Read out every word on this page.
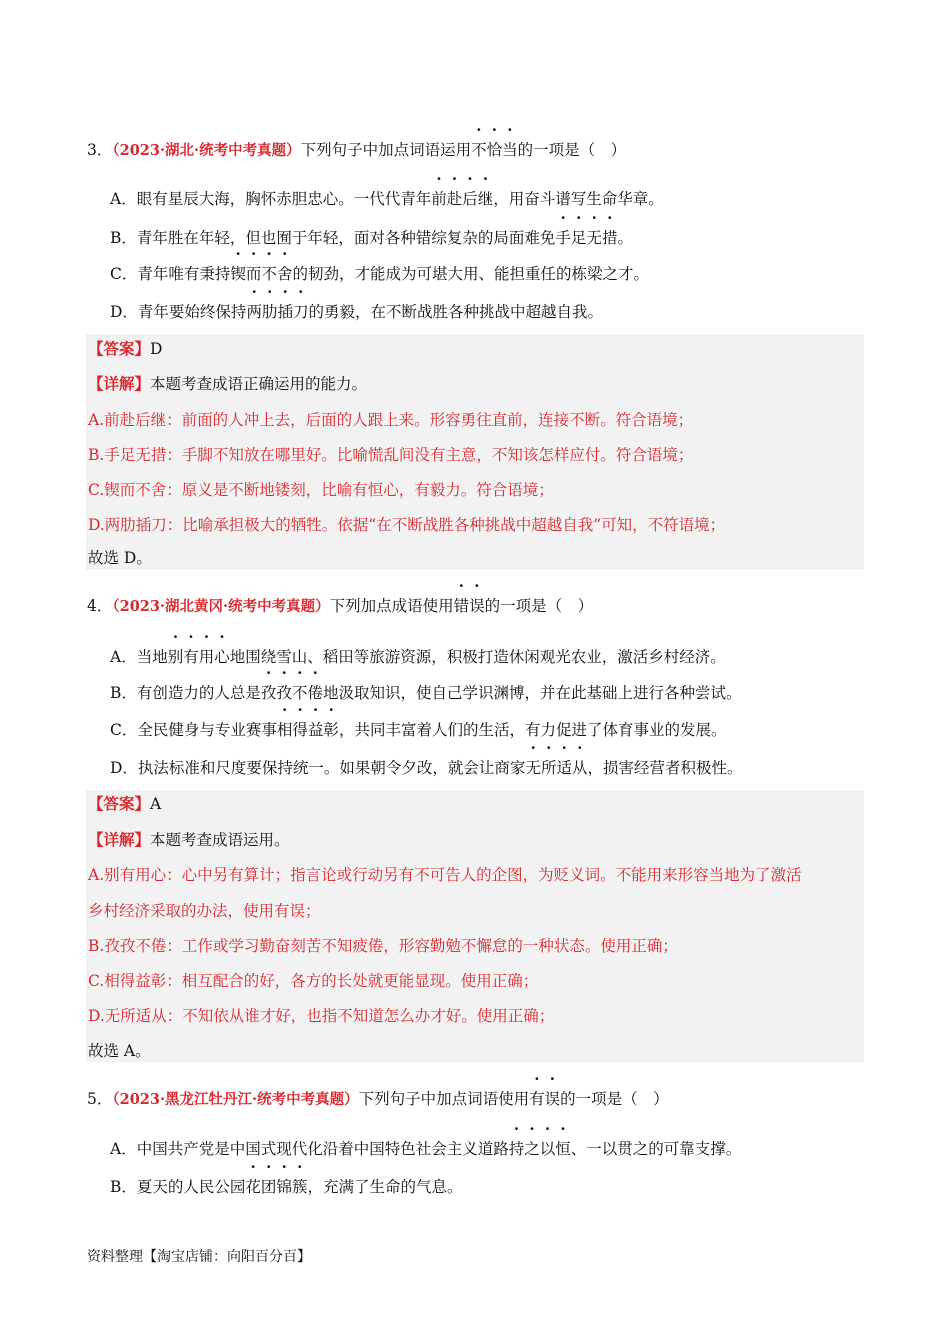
3．（2023·湖北·统考中考真题）下列句子中加点词语运用不恰当的一项是（　）
A．眼有星辰大海，胸怀赤胆忠心。一代代青年前赴后继，用奋斗谱写生命华章。
B．青年胜在年轻，但也囿于年轻，面对各种错综复杂的局面难免手足无措。
C．青年唯有秉持锲而不舍的韧劲，才能成为可堪大用、能担重任的栋梁之才。
D．青年要始终保持两肋插刀的勇毅，在不断战胜各种挑战中超越自我。
【答案】D
【详解】本题考查成语正确运用的能力。
A.前赴后继：前面的人冲上去，后面的人跟上来。形容勇往直前，连接不断。符合语境；
B.手足无措：手脚不知放在哪里好。比喻慌乱间没有主意，不知该怎样应付。符合语境；
C.锲而不舍：原义是不断地镂刻，比喻有恒心，有毅力。符合语境；
D.两肋插刀：比喻承担极大的牺牲。依据“在不断战胜各种挑战中超越自我”可知，不符语境；
故选 D。
4．（2023·湖北黄冈·统考中考真题）下列加点成语使用错误的一项是（　）
A．当地别有用心地围绕雪山、稻田等旅游资源，积极打造休闲观光农业，激活乡村经济。
B．有创造力的人总是孜孜不倦地汲取知识，使自己学识渊博，并在此基础上进行各种尝试。
C．全民健身与专业赛事相得益彰，共同丰富着人们的生活，有力促进了体育事业的发展。
D．执法标准和尺度要保持统一。如果朝令夕改，就会让商家无所适从，损害经营者积极性。
【答案】A
【详解】本题考查成语运用。
A.别有用心：心中另有算计；指言论或行动另有不可告人的企图，为贬义词。不能用来形容当地为了激活
乡村经济采取的办法，使用有误；
B.孜孜不倦：工作或学习勤奋刻苦不知疲倦，形容勤勉不懈怠的一种状态。使用正确；
C.相得益彰：相互配合的好，各方的长处就更能显现。使用正确；
D.无所适从：不知依从谁才好，也指不知道怎么办才好。使用正确；
故选 A。
5．（2023·黑龙江牡丹江·统考中考真题）下列句子中加点词语使用有误的一项是（　）
A．中国共产党是中国式现代化沿着中国特色社会主义道路持之以恒、一以贯之的可靠支撑。
B．夏天的人民公园花团锦簇，充满了生命的气息。
资料整理【淘宝店铺：向阳百分百】
